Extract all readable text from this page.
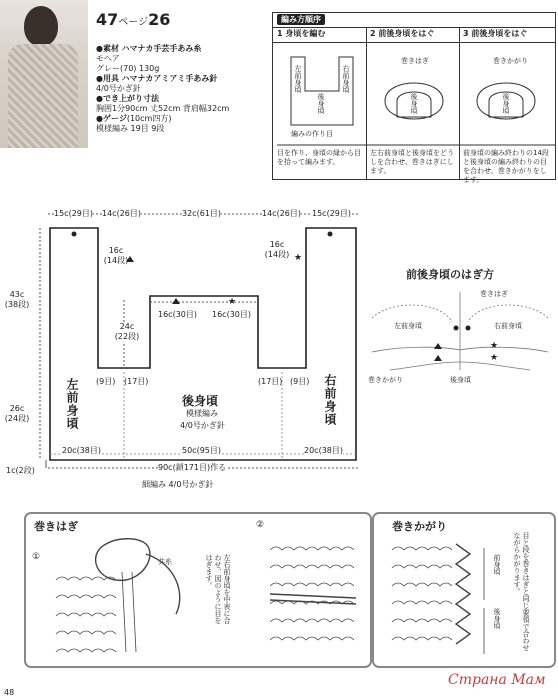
47ページ26
●素材 ハマナカ手芸手あみ糸
モヘア
グレー(70) 130g
●用具 ハマナカアミアミ手あみ針
4/0号かぎ針
●でき上がり寸法
胸囲1分90cm 丈52cm 背肩幅32cm
●ゲージ(10cm四方)
模様編み 19目 9段
編み方順序
1 身頃を編む	2 前後身頃をはぐ	3 前後身頃をはぐ
左前身頃	右前身頃
後身頃
編みの作り目
巻きはぎ
後身頃
巻きかがり
後身頃
目を作り、身頃の縁から目を拾って編みます。
左右前身頃と後身頃をどうしを合わせ、巻きはぎにします。
前身頃の編み終わりの14段と後身頃の編み終わりの目を合わせ、巻きかがりをします。
★
★
★
★
15c(29目) 14c(26目)	32c(61目)	14c(26目) 15c(29目)
43c
(38段)
26c
(24段)
1c(2段)
16c
(14段)
16c
(14段)
24c
(22段)
16c(30目) 16c(30目)
左前身頃	右前身頃
後身頃
模様編み
4/0号かぎ針
(9目) (17目)	(17目) (9目)
20c(38目)	20c(38目)
50c(95目)
90c(鎖171目)作る
細編み 4/0号かぎ針
前後身頃のはぎ方
巻きはぎ
左前身頃	右前身頃
巻きかがり	後身頃
巻きはぎ
①
②
共糸	左右前身頃を中表に合わせ、図のように目をはぎます。
巻きかがり
前身頃
後身頃	目と段を巻きはぎと同じ要領で合わせながらかがります。
48
Страна Мам
